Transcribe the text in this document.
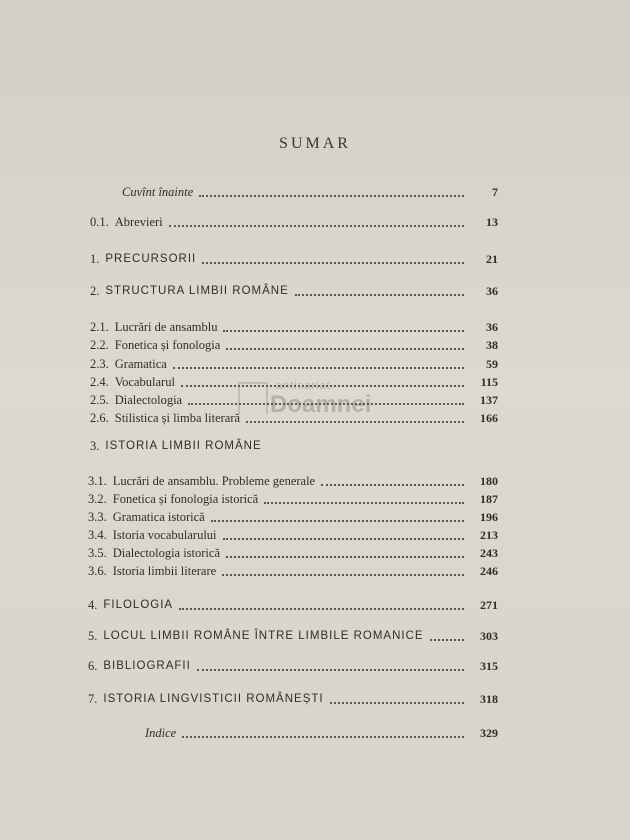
SUMAR
anticariat
Doamnei
Cuvînt înainte	7
0.1. Abrevieri	13
1. PRECURSORII	21
2. STRUCTURA LIMBII ROMÂNE	36
2.1. Lucrări de ansamblu	36
2.2. Fonetica și fonologia	38
2.3. Gramatica	59
2.4. Vocabularul	115
2.5. Dialectologia	137
2.6. Stilistica și limba literară	166
3. ISTORIA LIMBII ROMÂNE
3.1. Lucrări de ansamblu. Probleme generale	180
3.2. Fonetica și fonologia istorică	187
3.3. Gramatica istorică	196
3.4. Istoria vocabularului	213
3.5. Dialectologia istorică	243
3.6. Istoria limbii literare	246
4. FILOLOGIA	271
5. LOCUL LIMBII ROMÂNE ÎNTRE LIMBILE ROMANICE	303
6. BIBLIOGRAFII	315
7. ISTORIA LINGVISTICII ROMÂNEȘTI	318
Indice	329
